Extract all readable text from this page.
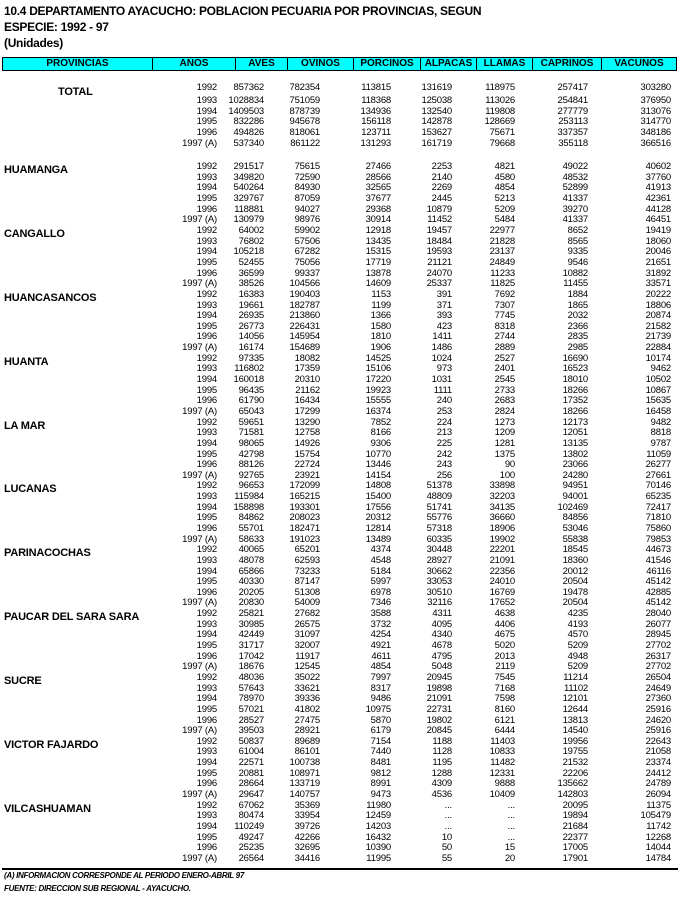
10.4 DEPARTAMENTO AYACUCHO: POBLACION PECUARIA POR PROVINCIAS, SEGUN
ESPECIE: 1992 - 97
(Unidades)
PROVINCIAS	AÑOS	AVES	OVINOS	PORCINOS	ALPACAS	LLAMAS	CAPRINOS	VACUNOS
TOTAL	1992 857362	782354	113815	131619	118975	257417	303280
1993 1028834	751059	118368	125038	113026	254841	376950
1994 1409503	878739	134936	132540	119808	277779	313076
1995 832286	945678	156118	142878	128669	253113	314770
1996 494826	818061	123711	153627	75671	337357	348186
1997 (A) 537340	861122	131293	161719	79668	355118	366516
HUAMANGA	1992 291517	75615	27466	2253	4821	49022	40602
1993 349820	72590	28566	2140	4580	48532	37760
1994 540264	84930	32565	2269	4854	52899	41913
1995 329767	87059	37677	2445	5213	41337	42361
1996 118881	94027	29368	10879	5209	39270	44128
1997 (A) 130979	98976	30914	11452	5484	41337	46451
CANGALLO	1992 64002	59902	12918	19457	22977	8652	19419
1993 76802	57506	13435	18484	21828	8565	18060
1994 105218	67282	15315	19593	23137	9335	20046
1995 52455	75056	17719	21121	24849	9546	21651
1996 36599	99337	13878	24070	11233	10882	31892
1997 (A) 38526	104566	14609	25337	11825	11455	33571
HUANCASANCOS	1992 16383	190403	1153	391	7692	1884	20222
1993 19661	182787	1199	371	7307	1865	18806
1994 26935	213860	1366	393	7745	2032	20874
1995 26773	226431	1580	423	8318	2366	21582
1996 14056	145954	1810	1411	2744	2835	21739
1997 (A) 16174	154689	1906	1486	2889	2985	22884
HUANTA	1992 97335	18082	14525	1024	2527	16690	10174
1993 116802	17359	15106	973	2401	16523	9462
1994 160018	20310	17220	1031	2545	18010	10502
1995 96435	21162	19923	1111	2733	18266	10867
1996 61790	16434	15555	240	2683	17352	15635
1997 (A) 65043	17299	16374	253	2824	18266	16458
LA MAR	1992 59651	13290	7852	224	1273	12173	9482
1993 71581	12758	8166	213	1209	12051	8818
1994 98065	14926	9306	225	1281	13135	9787
1995 42798	15754	10770	242	1375	13802	11059
1996 88126	22724	13446	243	90	23066	26277
1997 (A) 92765	23921	14154	256	100	24280	27661
LUCANAS	1992 96653	172099	14808	51378	33898	94951	70146
1993 115984	165215	15400	48809	32203	94001	65235
1994 158898	193301	17556	51741	34135	102469	72417
1995 84862	208023	20312	55776	36660	84856	71810
1996 55701	182471	12814	57318	18906	53046	75860
1997 (A) 58633	191023	13489	60335	19902	55838	79853
PARINACOCHAS	1992 40065	65201	4374	30448	22201	18545	44673
1993 48078	62593	4548	28927	21091	18360	41546
1994 65866	73233	5184	30662	22356	20012	46116
1995 40330	87147	5997	33053	24010	20504	45142
1996 20205	51308	6978	30510	16769	19478	42885
1997 (A) 20830	54009	7346	32116	17652	20504	45142
PAUCAR DEL SARA SARA	1992 25821	27682	3588	4311	4638	4235	28040
1993 30985	26575	3732	4095	4406	4193	26077
1994 42449	31097	4254	4340	4675	4570	28945
1995 31717	32007	4921	4678	5020	5209	27702
1996 17042	11917	4611	4795	2013	4948	26317
1997 (A) 18676	12545	4854	5048	2119	5209	27702
SUCRE	1992 48036	35022	7997	20945	7545	11214	26504
1993 57643	33621	8317	19898	7168	11102	24649
1994 78970	39336	9486	21091	7598	12101	27360
1995 57021	41802	10975	22731	8160	12644	25916
1996 28527	27475	5870	19802	6121	13813	24620
1997 (A) 39503	28921	6179	20845	6444	14540	25916
VICTOR FAJARDO	1992 50837	89689	7154	1188	11403	19956	22643
1993 61004	86101	7440	1128	10833	19755	21058
1994 22571	100738	8481	1195	11482	21532	23374
1995 20881	108971	9812	1288	12331	22206	24412
1996 28664	133719	8991	4309	9888	135662	24789
1997 (A) 29647	140757	9473	4536	10409	142803	26094
VILCASHUAMAN	1992 67062	35369	11980	...	...	20095	11375
1993 80474	33954	12459	...	...	19894	105479
1994 110249	39726	14203	...	...	21684	11742
1995 49247	42266	16432	10	...	22377	12268
1996 25235	32695	10390	50	15	17005	14044
1997 (A) 26564	34416	11995	55	20	17901	14784
(A) INFORMACION CORRESPONDE AL PERIODO ENERO-ABRIL 97
FUENTE: DIRECCION SUB REGIONAL - AYACUCHO.
